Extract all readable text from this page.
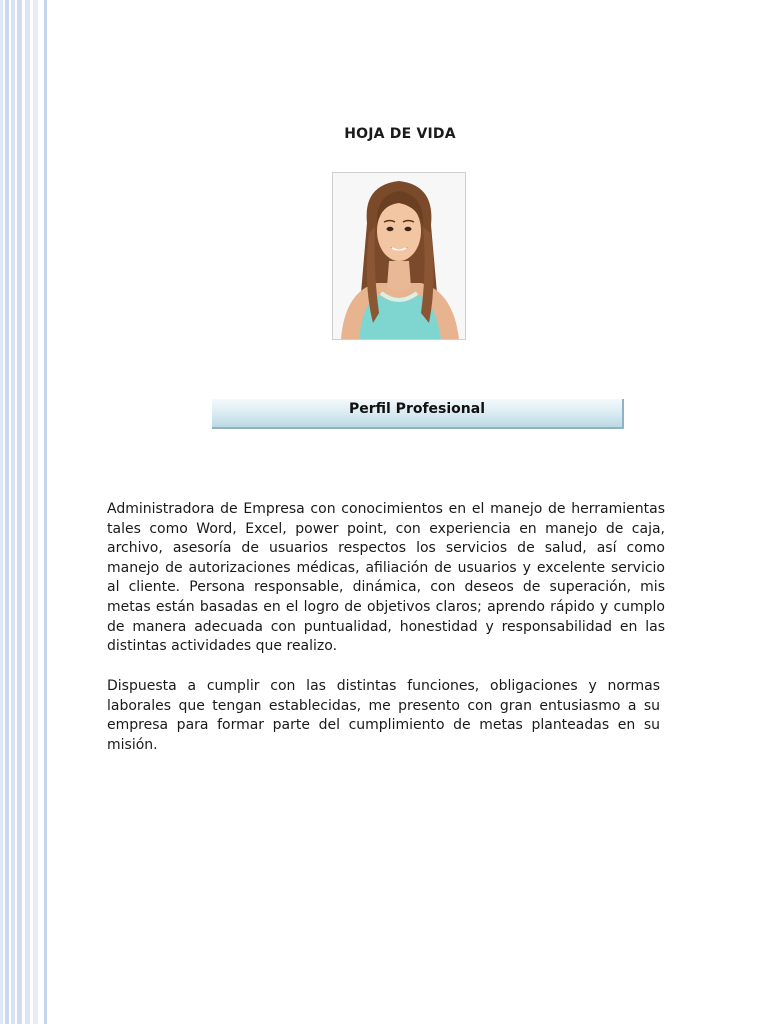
HOJA DE VIDA
Perfil Profesional

Administradora de Empresa con conocimientos en el manejo de herramientas tales como Word, Excel, power point, con experiencia en manejo de caja, archivo, asesoría de usuarios respectos los servicios de salud, así como manejo de autorizaciones médicas, afiliación de usuarios y excelente servicio al cliente. Persona responsable, dinámica, con deseos de superación, mis metas están basadas en el logro de objetivos claros; aprendo rápido y cumplo de manera adecuada con puntualidad, honestidad y responsabilidad en las distintas actividades que realizo.

Dispuesta a cumplir con las distintas funciones, obligaciones y normas laborales que tengan establecidas, me presento con gran entusiasmo a su empresa para formar parte del cumplimiento de metas planteadas en su misión.
